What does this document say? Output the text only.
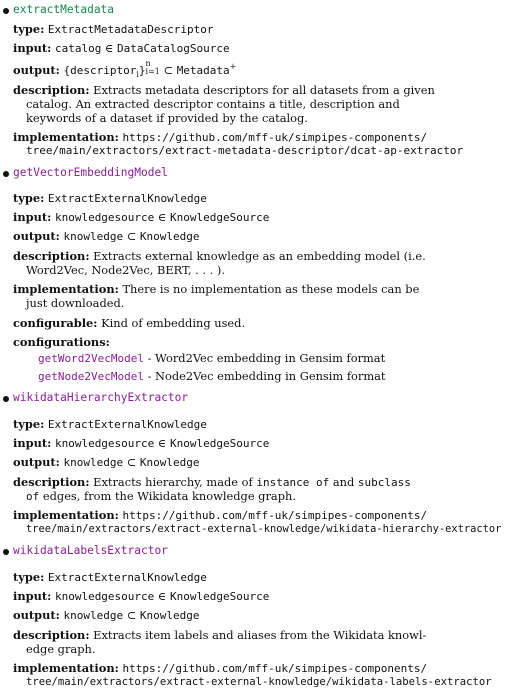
extractMetadata
type: ExtractMetadataDescriptor
input: catalog ∈ DataCatalogSource
output: {descriptor$_i$}
n
i=1 ⊂ Metadata+
description: Extracts metadata descriptors for all datasets from a given
catalog. An extracted descriptor contains a title, description and
keywords of a dataset if provided by the catalog.
implementation: https://github.com/mff-uk/simpipes-components/
tree/main/extractors/extract-metadata-descriptor/dcat-ap-extractor
getVectorEmbeddingModel
type: ExtractExternalKnowledge
input: knowledgesource ∈ KnowledgeSource
output: knowledge ⊂ Knowledge
description: Extracts external knowledge as an embedding model (i.e.
Word2Vec, Node2Vec, BERT, . . . ).
implementation: There is no implementation as these models can be
just downloaded.
configurable: Kind of embedding used.
configurations:
getWord2VecModel - Word2Vec embedding in Gensim format
getNode2VecModel - Node2Vec embedding in Gensim format
wikidataHierarchyExtractor
type: ExtractExternalKnowledge
input: knowledgesource ∈ KnowledgeSource
output: knowledge ⊂ Knowledge
description: Extracts hierarchy, made of instance of and subclass
of edges, from the Wikidata knowledge graph.
implementation: https://github.com/mff-uk/simpipes-components/
tree/main/extractors/extract-external-knowledge/wikidata-hierarchy-extractor
wikidataLabelsExtractor
type: ExtractExternalKnowledge
input: knowledgesource ∈ KnowledgeSource
output: knowledge ⊂ Knowledge
description: Extracts item labels and aliases from the Wikidata knowl-
edge graph.
implementation: https://github.com/mff-uk/simpipes-components/
tree/main/extractors/extract-external-knowledge/wikidata-labels-extractor
